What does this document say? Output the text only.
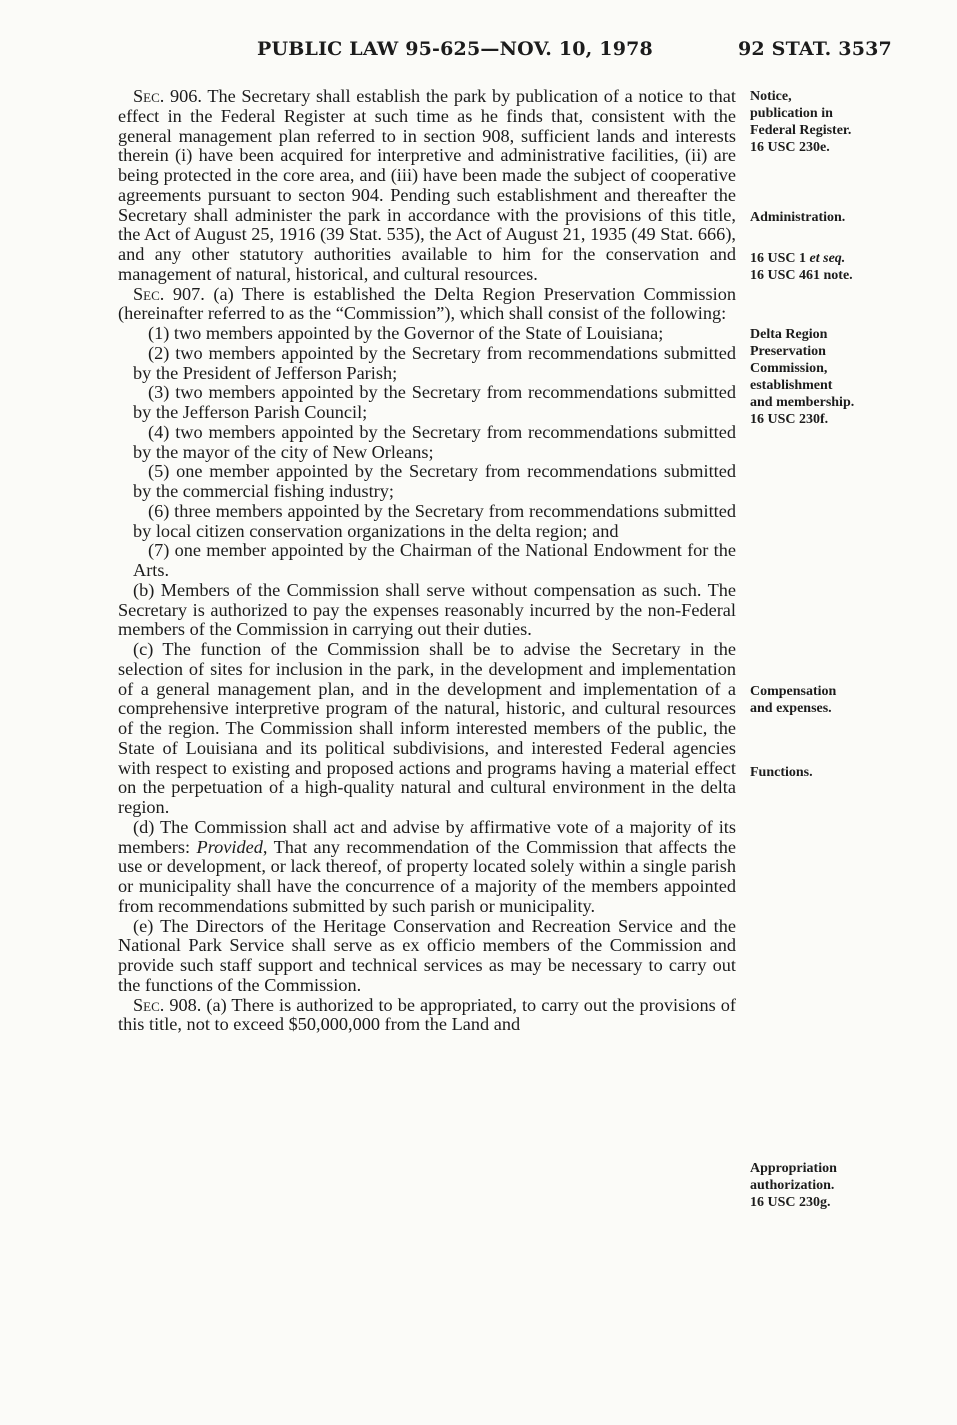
PUBLIC LAW 95-625—NOV. 10, 1978	92 STAT. 3537

Sec. 906. The Secretary shall establish the park by publication of a notice to that effect in the Federal Register at such time as he finds that, consistent with the general management plan referred to in section 908, sufficient lands and interests therein (i) have been acquired for interpretive and administrative facilities, (ii) are being protected in the core area, and (iii) have been made the subject of cooperative agreements pursuant to secton 904. Pending such establishment and thereafter the Secretary shall administer the park in accordance with the provisions of this title, the Act of August 25, 1916 (39 Stat. 535), the Act of August 21, 1935 (49 Stat. 666), and any other statutory authorities available to him for the conservation and management of natural, historical, and cultural resources.

Sec. 907. (a) There is established the Delta Region Preservation Commission (hereinafter referred to as the “Commission”), which shall consist of the following:

(1) two members appointed by the Governor of the State of Louisiana;

(2) two members appointed by the Secretary from recommendations submitted by the President of Jefferson Parish;

(3) two members appointed by the Secretary from recommendations submitted by the Jefferson Parish Council;

(4) two members appointed by the Secretary from recommendations submitted by the mayor of the city of New Orleans;

(5) one member appointed by the Secretary from recommendations submitted by the commercial fishing industry;

(6) three members appointed by the Secretary from recommendations submitted by local citizen conservation organizations in the delta region; and

(7) one member appointed by the Chairman of the National Endowment for the Arts.

(b) Members of the Commission shall serve without compensation as such. The Secretary is authorized to pay the expenses reasonably incurred by the non-Federal members of the Commission in carrying out their duties.

(c) The function of the Commission shall be to advise the Secretary in the selection of sites for inclusion in the park, in the development and implementation of a general management plan, and in the development and implementation of a comprehensive interpretive program of the natural, historic, and cultural resources of the region. The Commission shall inform interested members of the public, the State of Louisiana and its political subdivisions, and interested Federal agencies with respect to existing and proposed actions and programs having a material effect on the perpetuation of a high-quality natural and cultural environment in the delta region.

(d) The Commission shall act and advise by affirmative vote of a majority of its members: Provided, That any recommendation of the Commission that affects the use or development, or lack thereof, of property located solely within a single parish or municipality shall have the concurrence of a majority of the members appointed from recommendations submitted by such parish or municipality.

(e) The Directors of the Heritage Conservation and Recreation Service and the National Park Service shall serve as ex officio members of the Commission and provide such staff support and technical services as may be necessary to carry out the functions of the Commission.

Sec. 908. (a) There is authorized to be appropriated, to carry out the provisions of this title, not to exceed $50,000,000 from the Land and

Notice,
publication in
Federal Register.
16 USC 230e.
Administration.
16 USC 1 et seq.
16 USC 461 note.
Delta Region
Preservation
Commission,
establishment
and membership.
16 USC 230f.
Compensation
and expenses.
Functions.
Appropriation
authorization.
16 USC 230g.
